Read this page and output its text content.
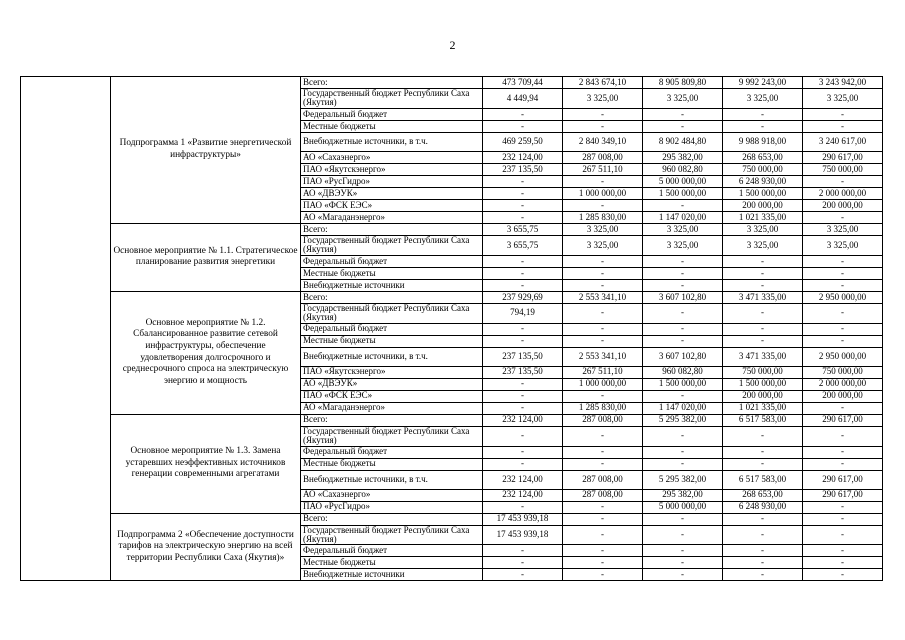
2
	Подпрограмма 1 «Развитие энергетической инфраструктуры»	Всего:	473 709,44	2 843 674,10	8 905 809,80	9 992 243,00	3 243 942,00
		Государственный бюджет Республики Саха (Якутия)	4 449,94	3 325,00	3 325,00	3 325,00	3 325,00
		Федеральный бюджет	-	-	-	-	-
		Местные бюджеты	-	-	-	-	-
		Внебюджетные источники, в т.ч.	469 259,50	2 840 349,10	8 902 484,80	9 988 918,00	3 240 617,00
		АО «Сахаэнерго»	232 124,00	287 008,00	295 382,00	268 653,00	290 617,00
		ПАО «Якутскэнерго»	237 135,50	267 511,10	960 082,80	750 000,00	750 000,00
		ПАО «РусГидро»	-	-	5 000 000,00	6 248 930,00	-
		АО «ДВЭУК»	-	1 000 000,00	1 500 000,00	1 500 000,00	2 000 000,00
		ПАО «ФСК ЕЭС»	-	-	-	200 000,00	200 000,00
		АО «Магаданэнерго»	-	1 285 830,00	1 147 020,00	1 021 335,00	-
	Основное мероприятие № 1.1. Стратегическое планирование развития энергетики	Всего:	3 655,75	3 325,00	3 325,00	3 325,00	3 325,00
		Государственный бюджет Республики Саха (Якутия)	3 655,75	3 325,00	3 325,00	3 325,00	3 325,00
		Федеральный бюджет	-	-	-	-	-
		Местные бюджеты	-	-	-	-	-
		Внебюджетные источники	-	-	-	-	-
	Основное мероприятие № 1.2. Сбалансированное развитие сетевой инфраструктуры, обеспечение удовлетворения долгосрочного и среднесрочного спроса на электрическую энергию и мощность	Всего:	237 929,69	2 553 341,10	3 607 102,80	3 471 335,00	2 950 000,00
		Государственный бюджет Республики Саха (Якутия)	794,19	-	-	-	-
		Федеральный бюджет	-	-	-	-	-
		Местные бюджеты	-	-	-	-	-
		Внебюджетные источники, в т.ч.	237 135,50	2 553 341,10	3 607 102,80	3 471 335,00	2 950 000,00
		ПАО «Якутскэнерго»	237 135,50	267 511,10	960 082,80	750 000,00	750 000,00
		АО «ДВЭУК»	-	1 000 000,00	1 500 000,00	1 500 000,00	2 000 000,00
		ПАО «ФСК ЕЭС»	-	-	-	200 000,00	200 000,00
		АО «Магаданэнерго»	-	1 285 830,00	1 147 020,00	1 021 335,00	-
	Основное мероприятие № 1.3. Замена устаревших неэффективных источников генерации современными агрегатами	Всего:	232 124,00	287 008,00	5 295 382,00	6 517 583,00	290 617,00
		Государственный бюджет Республики Саха (Якутия)	-	-	-	-	-
		Федеральный бюджет	-	-	-	-	-
		Местные бюджеты	-	-	-	-	-
		Внебюджетные источники, в т.ч.	232 124,00	287 008,00	5 295 382,00	6 517 583,00	290 617,00
		АО «Сахаэнерго»	232 124,00	287 008,00	295 382,00	268 653,00	290 617,00
		ПАО «РусГидро»	-	-	5 000 000,00	6 248 930,00	-
	Подпрограмма 2 «Обеспечение доступности тарифов на электрическую энергию на всей территории Республики Саха (Якутия)»	Всего:	17 453 939,18	-	-	-	-
		Государственный бюджет Республики Саха (Якутия)	17 453 939,18	-	-	-	-
		Федеральный бюджет	-	-	-	-	-
		Местные бюджеты	-	-	-	-	-
		Внебюджетные источники	-	-	-	-	-
